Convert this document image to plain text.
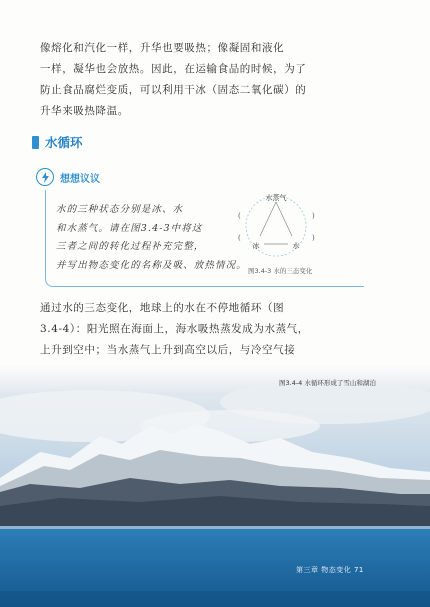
像熔化和汽化一样，升华也要吸热；像凝固和液化
一样，凝华也会放热。因此，在运输食品的时候，为了
防止食品腐烂变质，可以利用干冰（固态二氧化碳）的
升华来吸热降温。
水循环
想想议议
水的三种状态分别是冰、水
和水蒸气。请在图3.4-3中将这
三者之间的转化过程补充完整，
并写出物态变化的名称及吸、放热情况。
水蒸气
冰	水
(
(
)
)
图3.4-3 水的三态变化
通过水的三态变化，地球上的水在不停地循环（图
3.4-4）：阳光照在海面上，海水吸热蒸发成为水蒸气，
上升到空中；当水蒸气上升到高空以后，与冷空气接
图3.4-4 水循环形成了雪山和湖泊
第三章 物态变化 71
